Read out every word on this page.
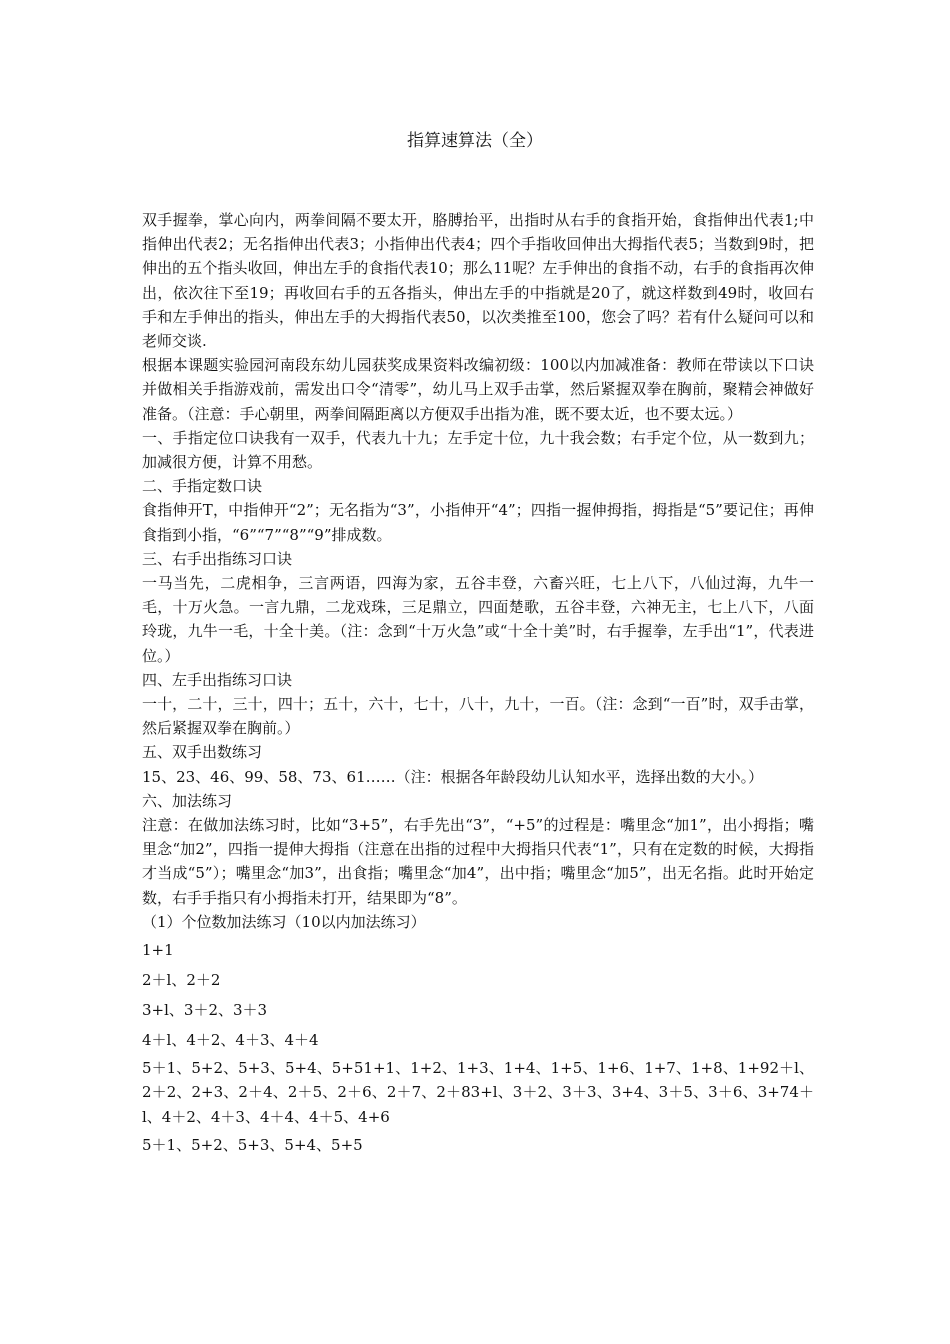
指算速算法（全）

双手握拳，掌心向内，两拳间隔不要太开，胳膊抬平，出指时从右手的食指开始，食指伸出代表1;中指伸出代表2；无名指伸出代表3；小指伸出代表4；四个手指收回伸出大拇指代表5；当数到9时，把伸出的五个指头收回，伸出左手的食指代表10；那么11呢？左手伸出的食指不动，右手的食指再次伸出，依次往下至19；再收回右手的五各指头，伸出左手的中指就是20了，就这样数到49时，收回右手和左手伸出的指头，伸出左手的大拇指代表50，以次类推至100，您会了吗？若有什么疑问可以和老师交谈.

根据本课题实验园河南段东幼儿园获奖成果资料改编初级：100以内加减准备：教师在带读以下口诀并做相关手指游戏前，需发出口令“清零”，幼儿马上双手击掌，然后紧握双拳在胸前，聚精会神做好准备。（注意：手心朝里，两拳间隔距离以方便双手出指为准，既不要太近，也不要太远。）

一、手指定位口诀我有一双手，代表九十九；左手定十位，九十我会数；右手定个位，从一数到九；加减很方便，计算不用愁。

二、手指定数口诀

食指伸开T，中指伸开“2”；无名指为“3”，小指伸开“4”；四指一握伸拇指，拇指是“5”要记住；再伸食指到小指，“6”“7”“8”“9”排成数。

三、右手出指练习口诀

一马当先，二虎相争，三言两语，四海为家，五谷丰登，六畜兴旺，七上八下，八仙过海，九牛一毛，十万火急。一言九鼎，二龙戏珠，三足鼎立，四面楚歌，五谷丰登，六神无主，七上八下，八面玲珑，九牛一毛，十全十美。（注：念到“十万火急”或“十全十美”时，右手握拳，左手出“1”，代表进位。）

四、左手出指练习口诀

一十，二十，三十，四十；五十，六十，七十，八十，九十，一百。（注：念到“一百”时，双手击掌，然后紧握双拳在胸前。）

五、双手出数练习

15、23、46、99、58、73、61……（注：根据各年龄段幼儿认知水平，选择出数的大小。）

六、加法练习

注意：在做加法练习时，比如“3+5”，右手先出“3”，“+5”的过程是：嘴里念“加1”，出小拇指；嘴里念“加2”，四指一提伸大拇指（注意在出指的过程中大拇指只代表“1”，只有在定数的时候，大拇指才当成“5”）；嘴里念“加3”，出食指；嘴里念“加4”，出中指；嘴里念“加5”，出无名指。此时开始定数，右手手指只有小拇指未打开，结果即为“8”。

（1）个位数加法练习（10以内加法练习）

1+1

2＋l、2＋2

3+l、3＋2、3＋3

4＋l、4＋2、4＋3、4＋4

5＋1、5+2、5+3、5+4、5+51+1、1+2、1+3、1+4、1+5、1+6、1+7、1+8、1+92＋l、2＋2、2+3、2＋4、2＋5、2＋6、2＋7、2＋83+l、3＋2、3＋3、3+4、3＋5、3＋6、3+74＋l、4＋2、4＋3、4＋4、4＋5、4+6

5＋1、5+2、5+3、5+4、5+5
